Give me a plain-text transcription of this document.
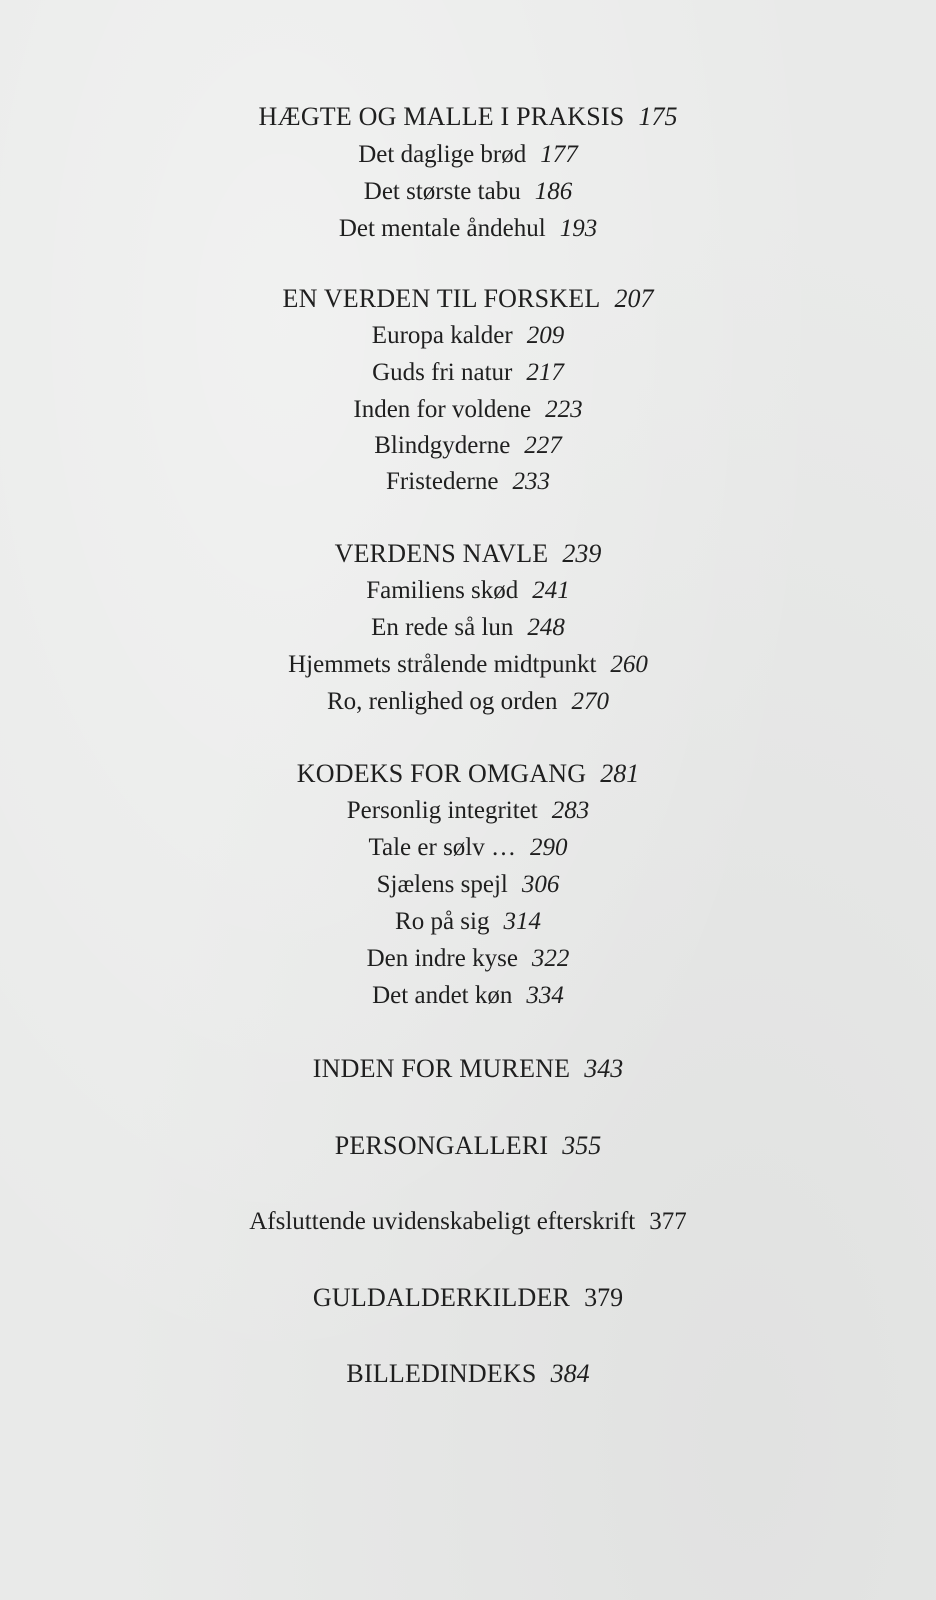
HÆGTE OG MALLE I PRAKSIS 175
Det daglige brød 177
Det største tabu 186
Det mentale åndehul 193
EN VERDEN TIL FORSKEL 207
Europa kalder 209
Guds fri natur 217
Inden for voldene 223
Blindgyderne 227
Fristederne 233
VERDENS NAVLE 239
Familiens skød 241
En rede så lun 248
Hjemmets strålende midtpunkt 260
Ro, renlighed og orden 270
KODEKS FOR OMGANG 281
Personlig integritet 283
Tale er sølv … 290
Sjælens spejl 306
Ro på sig 314
Den indre kyse 322
Det andet køn 334
INDEN FOR MURENE 343
PERSONGALLERI 355
Afsluttende uvidenskabeligt efterskrift 377
GULDALDERKILDER 379
BILLEDINDEKS 384
